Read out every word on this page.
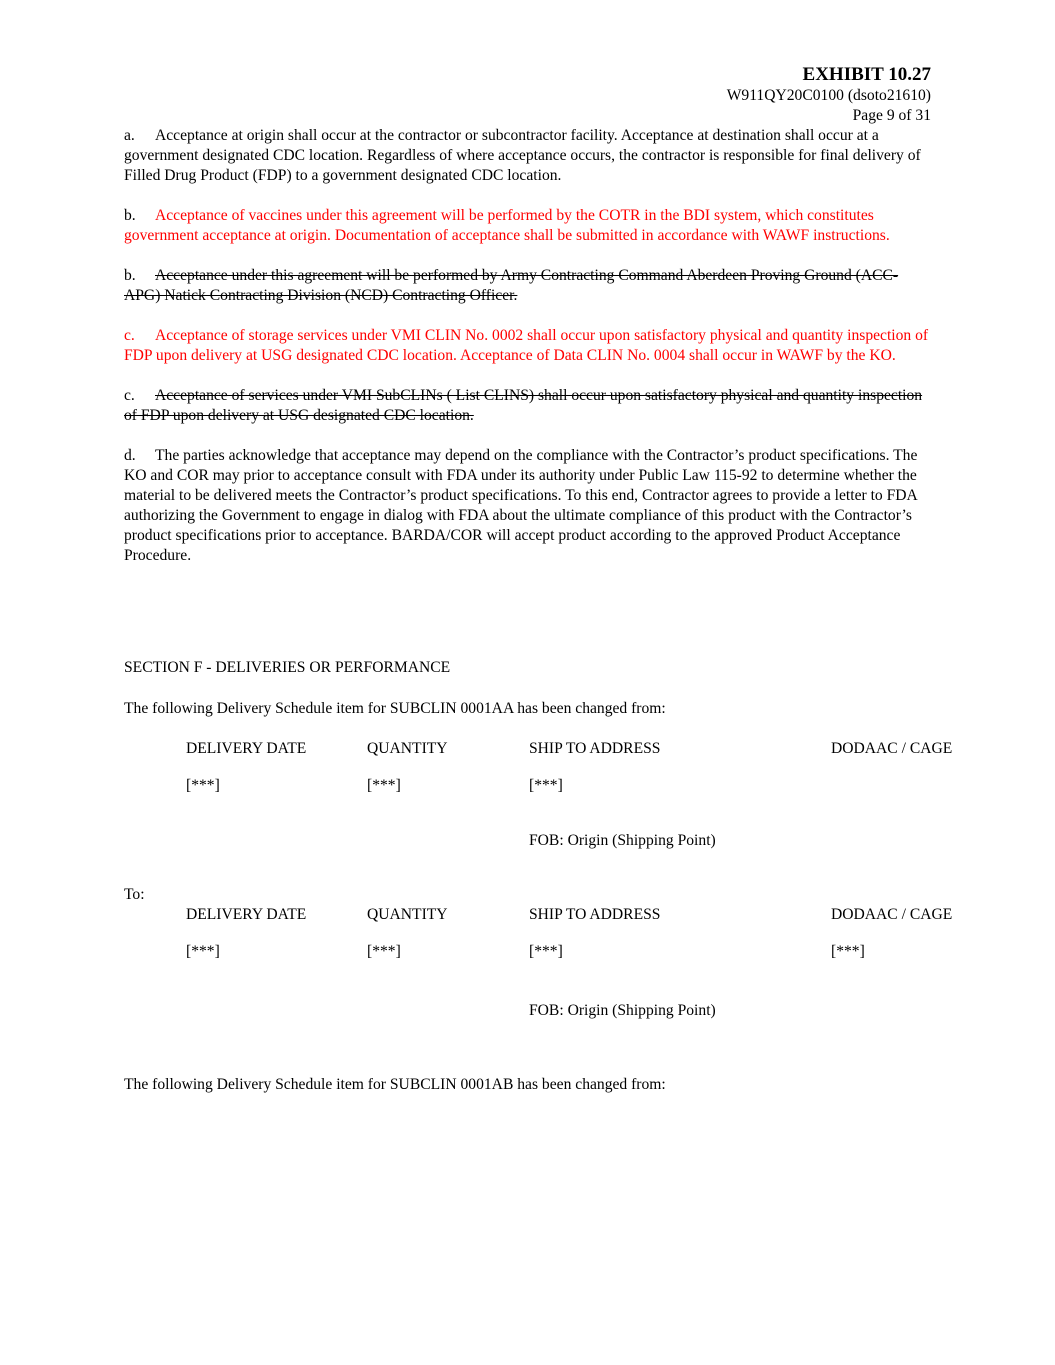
EXHIBIT 10.27
W911QY20C0100 (dsoto21610)
Page 9 of 31

a. Acceptance at origin shall occur at the contractor or subcontractor facility. Acceptance at destination shall occur at a government designated CDC location. Regardless of where acceptance occurs, the contractor is responsible for final delivery of Filled Drug Product (FDP) to a government designated CDC location.

b. Acceptance of vaccines under this agreement will be performed by the COTR in the BDI system, which constitutes government acceptance at origin. Documentation of acceptance shall be submitted in accordance with WAWF instructions.

b. Acceptance under this agreement will be performed by Army Contracting Command Aberdeen Proving Ground (ACC-APG) Natick Contracting Division (NCD) Contracting Officer.

c. Acceptance of storage services under VMI CLIN No. 0002 shall occur upon satisfactory physical and quantity inspection of FDP upon delivery at USG designated CDC location. Acceptance of Data CLIN No. 0004 shall occur in WAWF by the KO.

c. Acceptance of services under VMI SubCLINs ( List CLINS) shall occur upon satisfactory physical and quantity inspection of FDP upon delivery at USG designated CDC location.

d. The parties acknowledge that acceptance may depend on the compliance with the Contractor’s product specifications. The KO and COR may prior to acceptance consult with FDA under its authority under Public Law 115-92 to determine whether the material to be delivered meets the Contractor’s product specifications. To this end, Contractor agrees to provide a letter to FDA authorizing the Government to engage in dialog with FDA about the ultimate compliance of this product with the Contractor’s product specifications prior to acceptance. BARDA/COR will accept product according to the approved Product Acceptance Procedure.

SECTION F - DELIVERIES OR PERFORMANCE
The following Delivery Schedule item for SUBCLIN 0001AA has been changed from:
DELIVERY DATE	QUANTITY	SHIP TO ADDRESS	DODAAC / CAGE
[***]	[***]	[***]
FOB: Origin (Shipping Point)
To:
DELIVERY DATE	QUANTITY	SHIP TO ADDRESS	DODAAC / CAGE
[***]	[***]	[***]	[***]
FOB: Origin (Shipping Point)
The following Delivery Schedule item for SUBCLIN 0001AB has been changed from:
